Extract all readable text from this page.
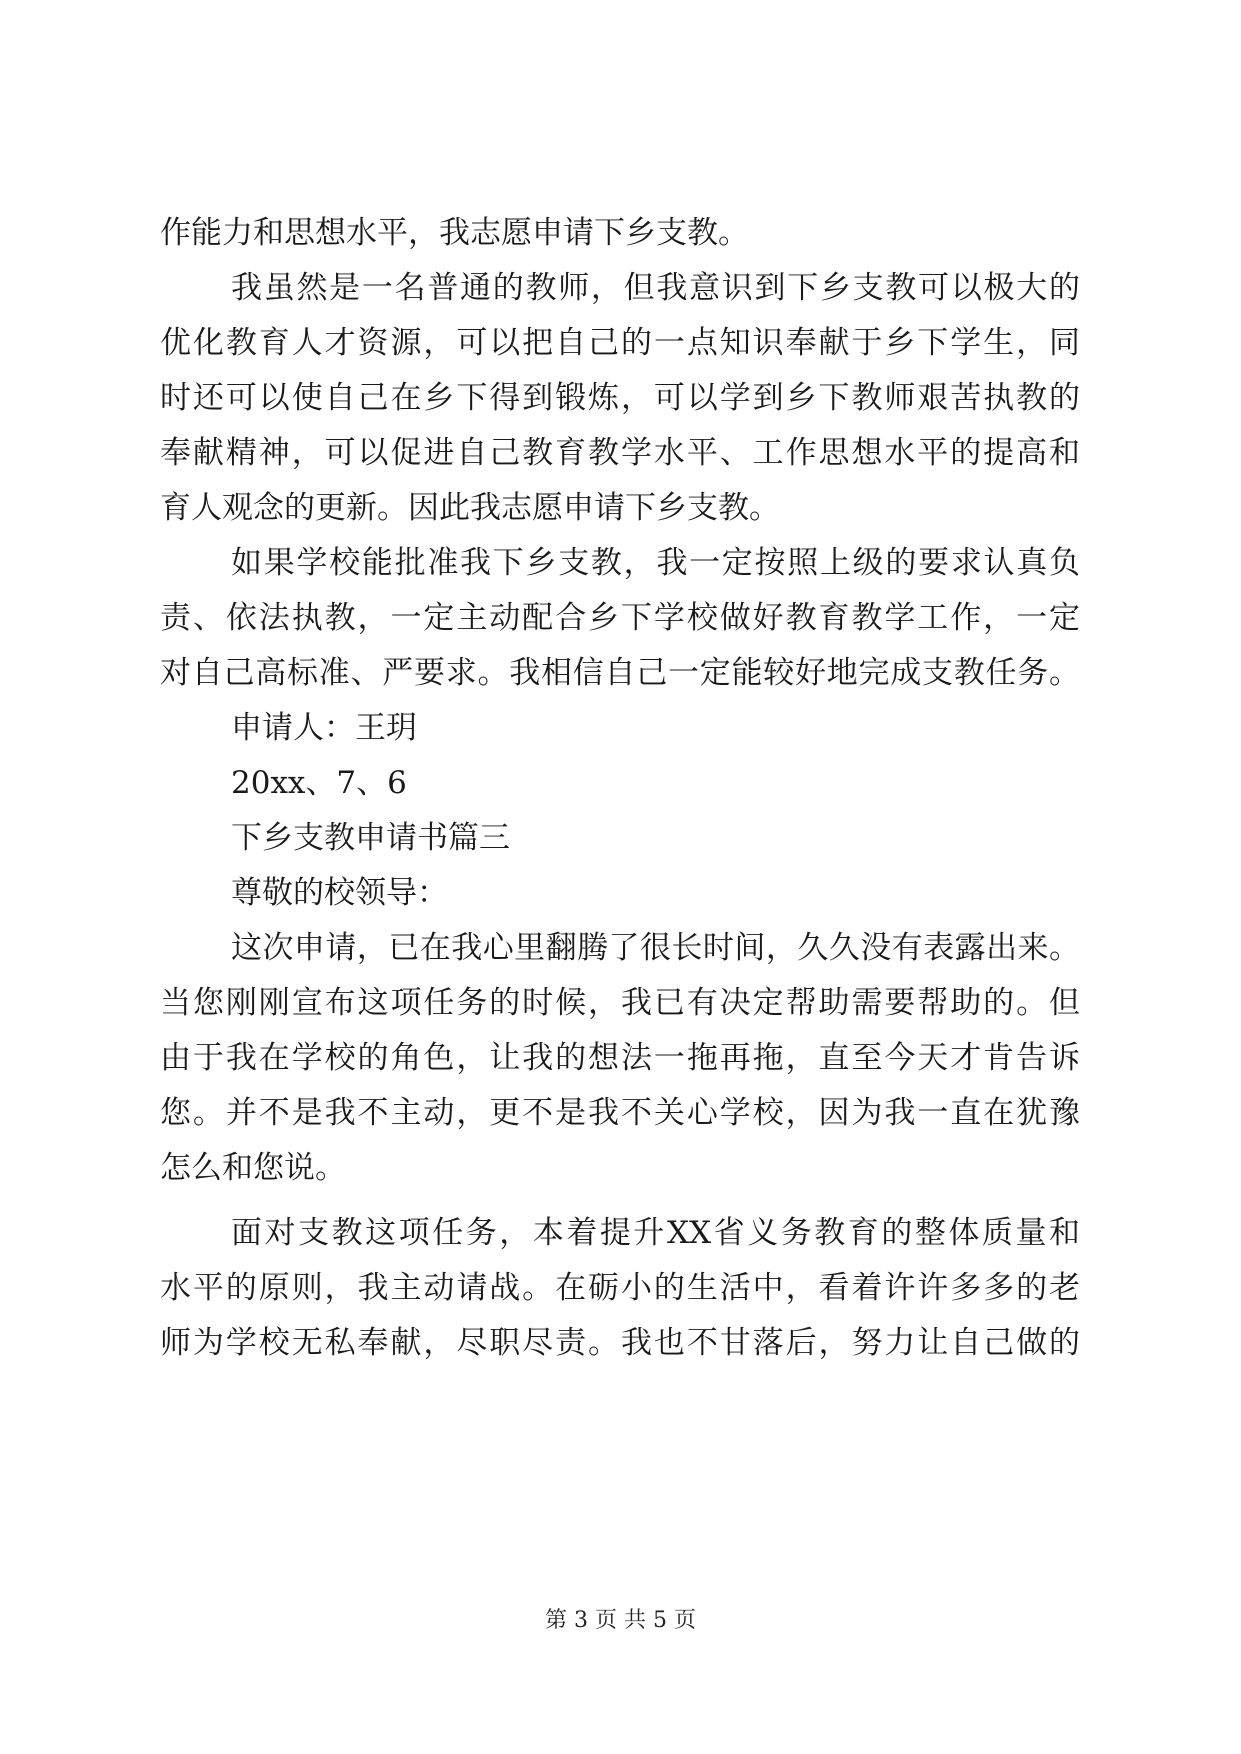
作能力和思想水平，我志愿申请下乡支教。
我虽然是一名普通的教师，但我意识到下乡支教可以极大的
优化教育人才资源，可以把自己的一点知识奉献于乡下学生，同
时还可以使自己在乡下得到锻炼，可以学到乡下教师艰苦执教的
奉献精神，可以促进自己教育教学水平、工作思想水平的提高和
育人观念的更新。因此我志愿申请下乡支教。
如果学校能批准我下乡支教，我一定按照上级的要求认真负
责、依法执教，一定主动配合乡下学校做好教育教学工作，一定
对自己高标准、严要求。我相信自己一定能较好地完成支教任务。
申请人：王玥
20xx、7、6
下乡支教申请书篇三
尊敬的校领导：
这次申请，已在我心里翻腾了很长时间，久久没有表露出来。
当您刚刚宣布这项任务的时候，我已有决定帮助需要帮助的。但
由于我在学校的角色，让我的想法一拖再拖，直至今天才肯告诉
您。并不是我不主动，更不是我不关心学校，因为我一直在犹豫
怎么和您说。
面对支教这项任务，本着提升XX省义务教育的整体质量和
水平的原则，我主动请战。在砺小的生活中，看着许许多多的老
师为学校无私奉献，尽职尽责。我也不甘落后，努力让自己做的
第 3 页 共 5 页
